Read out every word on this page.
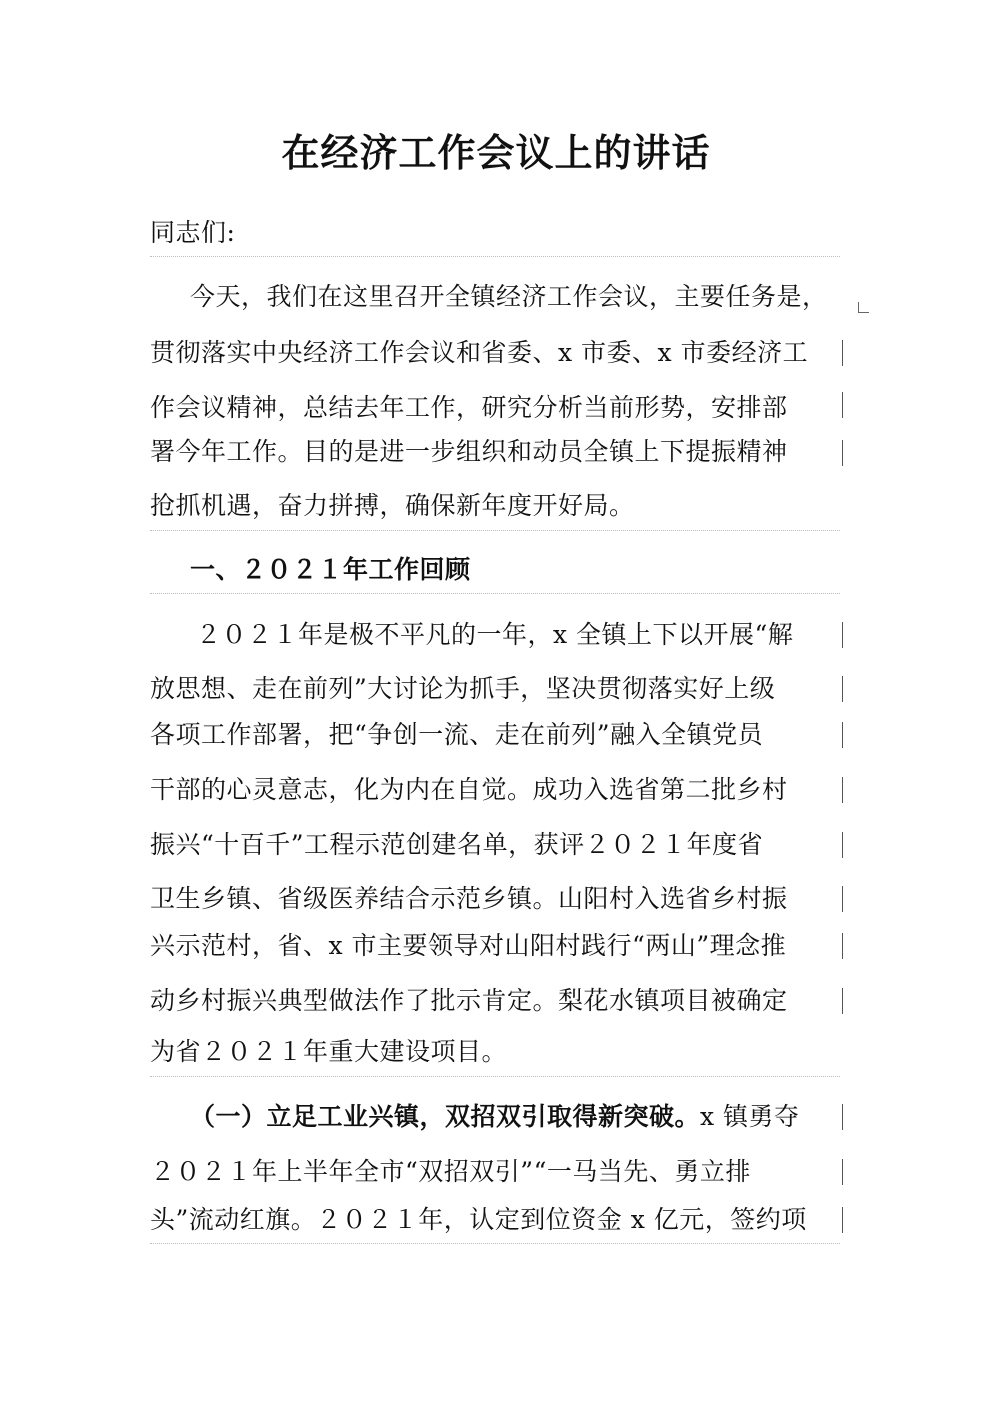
在经济工作会议上的讲话
同志们:
今天，我们在这里召开全镇经济工作会议，主要任务是，
贯彻落实中央经济工作会议和省委、x 市委、x 市委经济工
作会议精神，总结去年工作，研究分析当前形势，安排部
署今年工作。目的是进一步组织和动员全镇上下提振精神
抢抓机遇，奋力拼搏，确保新年度开好局。
一、２０２１年工作回顾
２０２１年是极不平凡的一年，x 全镇上下以开展“解
放思想、走在前列”大讨论为抓手，坚决贯彻落实好上级
各项工作部署，把“争创一流、走在前列”融入全镇党员
干部的心灵意志，化为内在自觉。成功入选省第二批乡村
振兴“十百千”工程示范创建名单，获评２０２１年度省
卫生乡镇、省级医养结合示范乡镇。山阳村入选省乡村振
兴示范村，省、x 市主要领导对山阳村践行“两山”理念推
动乡村振兴典型做法作了批示肯定。梨花水镇项目被确定
为省２０２１年重大建设项目。
（一）立足工业兴镇，双招双引取得新突破。x 镇勇夺
２０２１年上半年全市“双招双引”“一马当先、勇立排
头”流动红旗。２０２１年，认定到位资金 x 亿元，签约项
